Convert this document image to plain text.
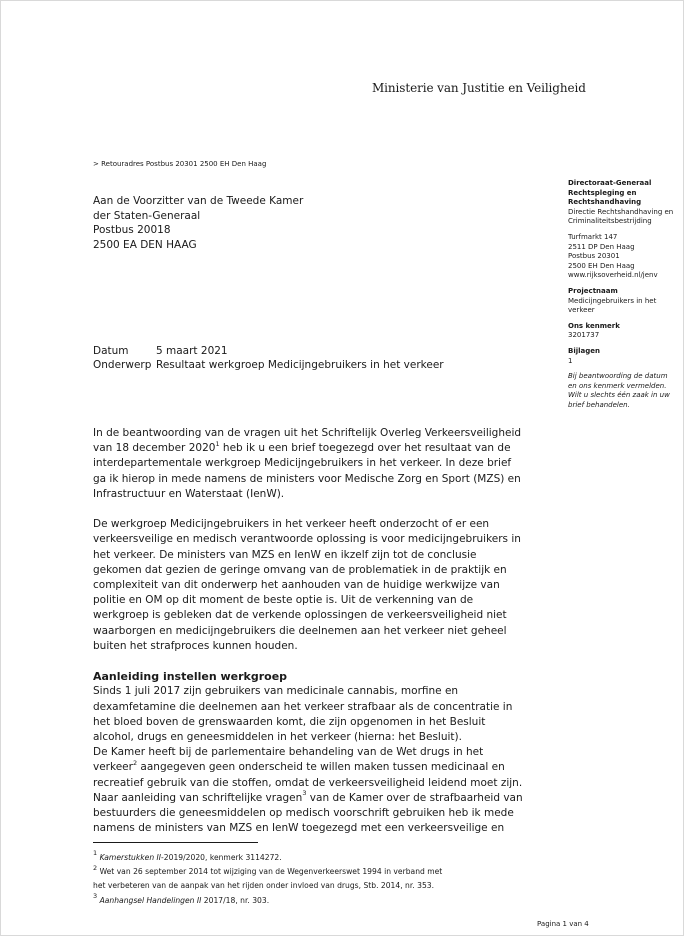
Ministerie van Justitie en Veiligheid
> Retouradres Postbus 20301 2500 EH Den Haag
Aan de Voorzitter van de Tweede Kamer
der Staten-Generaal
Postbus 20018
2500 EA DEN HAAG
Datum	5 maart 2021
Onderwerp Resultaat werkgroep Medicijngebruikers in het verkeer
Directoraat-Generaal
Rechtspleging en
Rechtshandhaving
Directie Rechtshandhaving en
Criminaliteitsbestrijding
Turfmarkt 147
2511 DP Den Haag
Postbus 20301
2500 EH Den Haag
www.rijksoverheid.nl/jenv
Projectnaam
Medicijngebruikers in het
verkeer
Ons kenmerk
3201737
Bijlagen
1
Bij beantwoording de datum
en ons kenmerk vermelden.
Wilt u slechts één zaak in uw
brief behandelen.
In de beantwoording van de vragen uit het Schriftelijk Overleg Verkeersveiligheid
van 18 december 2020$^1$ heb ik u een brief toegezegd over het resultaat van de
interdepartementale werkgroep Medicijngebruikers in het verkeer. In deze brief
ga ik hierop in mede namens de ministers voor Medische Zorg en Sport (MZS) en
Infrastructuur en Waterstaat (IenW).
De werkgroep Medicijngebruikers in het verkeer heeft onderzocht of er een
verkeersveilige en medisch verantwoorde oplossing is voor medicijngebruikers in
het verkeer. De ministers van MZS en IenW en ikzelf zijn tot de conclusie
gekomen dat gezien de geringe omvang van de problematiek in de praktijk en
complexiteit van dit onderwerp het aanhouden van de huidige werkwijze van
politie en OM op dit moment de beste optie is. Uit de verkenning van de
werkgroep is gebleken dat de verkende oplossingen de verkeersveiligheid niet
waarborgen en medicijngebruikers die deelnemen aan het verkeer niet geheel
buiten het strafproces kunnen houden.
Aanleiding instellen werkgroep
Sinds 1 juli 2017 zijn gebruikers van medicinale cannabis, morfine en
dexamfetamine die deelnemen aan het verkeer strafbaar als de concentratie in
het bloed boven de grenswaarden komt, die zijn opgenomen in het Besluit
alcohol, drugs en geneesmiddelen in het verkeer (hierna: het Besluit).
De Kamer heeft bij de parlementaire behandeling van de Wet drugs in het
verkeer$^2$ aangegeven geen onderscheid te willen maken tussen medicinaal en
recreatief gebruik van die stoffen, omdat de verkeersveiligheid leidend moet zijn.
Naar aanleiding van schriftelijke vragen$^3$ van de Kamer over de strafbaarheid van
bestuurders die geneesmiddelen op medisch voorschrift gebruiken heb ik mede
namens de ministers van MZS en IenW toegezegd met een verkeersveilige en
$^1$ Kamerstukken II-2019/2020, kenmerk 3114272.
$^2$ Wet van 26 september 2014 tot wijziging van de Wegenverkeerswet 1994 in verband met
het verbeteren van de aanpak van het rijden onder invloed van drugs, Stb. 2014, nr. 353.
$^3$ Aanhangsel Handelingen II 2017/18, nr. 303.
Pagina 1 van 4
